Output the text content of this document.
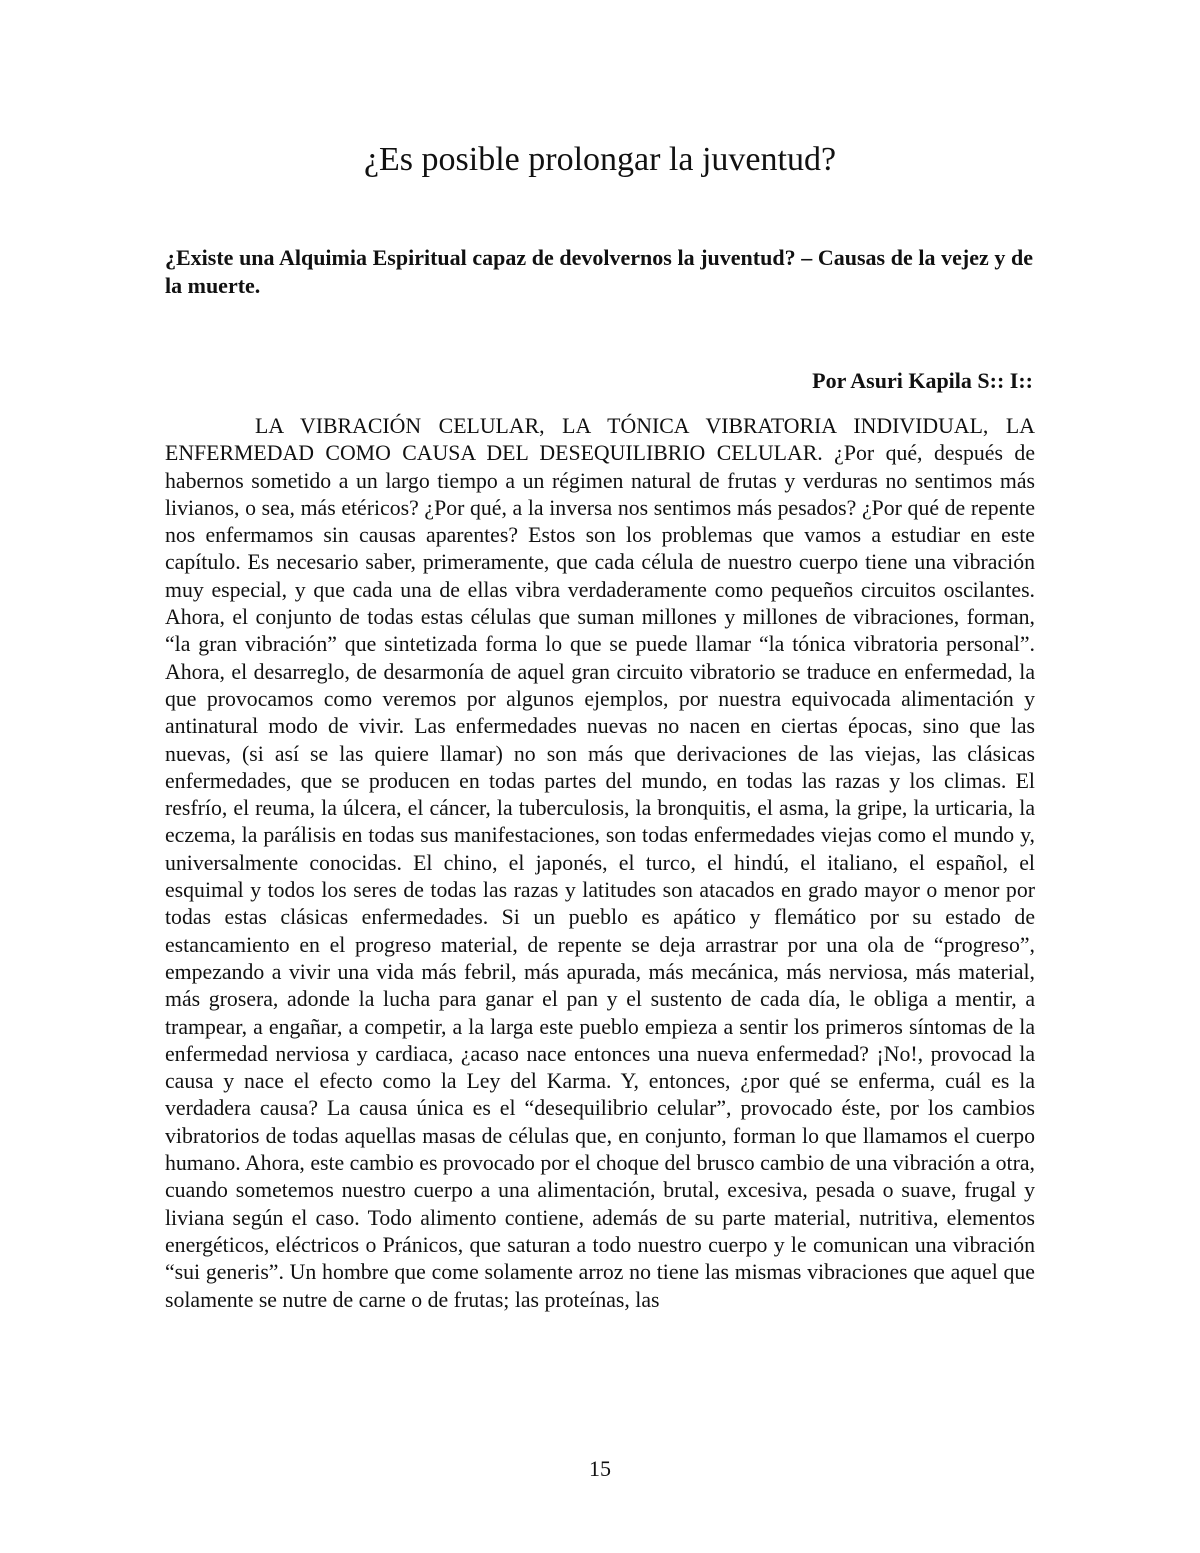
¿Es posible prolongar la juventud?

¿Existe una Alquimia Espiritual capaz de devolvernos la juventud? – Causas de la vejez y de la muerte.

Por Asuri Kapila S:: I::

LA VIBRACIÓN CELULAR, LA TÓNICA VIBRATORIA INDIVIDUAL, LA ENFERMEDAD COMO CAUSA DEL DESEQUILIBRIO CELULAR. ¿Por qué, después de habernos sometido a un largo tiempo a un régimen natural de frutas y verduras no sentimos más livianos, o sea, más etéricos? ¿Por qué, a la inversa nos sentimos más pesados? ¿Por qué de repente nos enfermamos sin causas aparentes? Estos son los problemas que vamos a estudiar en este capítulo. Es necesario saber, primeramente, que cada célula de nuestro cuerpo tiene una vibración muy especial, y que cada una de ellas vibra verdaderamente como pequeños circuitos oscilantes. Ahora, el conjunto de todas estas células que suman millones y millones de vibraciones, forman, “la gran vibración” que sintetizada forma lo que se puede llamar “la tónica vibratoria personal”. Ahora, el desarreglo, de desarmonía de aquel gran circuito vibratorio se traduce en enfermedad, la que provocamos como veremos por algunos ejemplos, por nuestra equivocada alimentación y antinatural modo de vivir. Las enfermedades nuevas no nacen en ciertas épocas, sino que las nuevas, (si así se las quiere llamar) no son más que derivaciones de las viejas, las clásicas enfermedades, que se producen en todas partes del mundo, en todas las razas y los climas. El resfrío, el reuma, la úlcera, el cáncer, la tuberculosis, la bronquitis, el asma, la gripe, la urticaria, la eczema, la parálisis en todas sus manifestaciones, son todas enfermedades viejas como el mundo y, universalmente conocidas. El chino, el japonés, el turco, el hindú, el italiano, el español, el esquimal y todos los seres de todas las razas y latitudes son atacados en grado mayor o menor por todas estas clásicas enfermedades. Si un pueblo es apático y flemático por su estado de estancamiento en el progreso material, de repente se deja arrastrar por una ola de “progreso”, empezando a vivir una vida más febril, más apurada, más mecánica, más nerviosa, más material, más grosera, adonde la lucha para ganar el pan y el sustento de cada día, le obliga a mentir, a trampear, a engañar, a competir, a la larga este pueblo empieza a sentir los primeros síntomas de la enfermedad nerviosa y cardiaca, ¿acaso nace entonces una nueva enfermedad? ¡No!, provocad la causa y nace el efecto como la Ley del Karma. Y, entonces, ¿por qué se enferma, cuál es la verdadera causa? La causa única es el “desequilibrio celular”, provocado éste, por los cambios vibratorios de todas aquellas masas de células que, en conjunto, forman lo que llamamos el cuerpo humano. Ahora, este cambio es provocado por el choque del brusco cambio de una vibración a otra, cuando sometemos nuestro cuerpo a una alimentación, brutal, excesiva, pesada o suave, frugal y liviana según el caso. Todo alimento contiene, además de su parte material, nutritiva, elementos energéticos, eléctricos o Pránicos, que saturan a todo nuestro cuerpo y le comunican una vibración “sui generis”. Un hombre que come solamente arroz no tiene las mismas vibraciones que aquel que solamente se nutre de carne o de frutas; las proteínas, las

15
